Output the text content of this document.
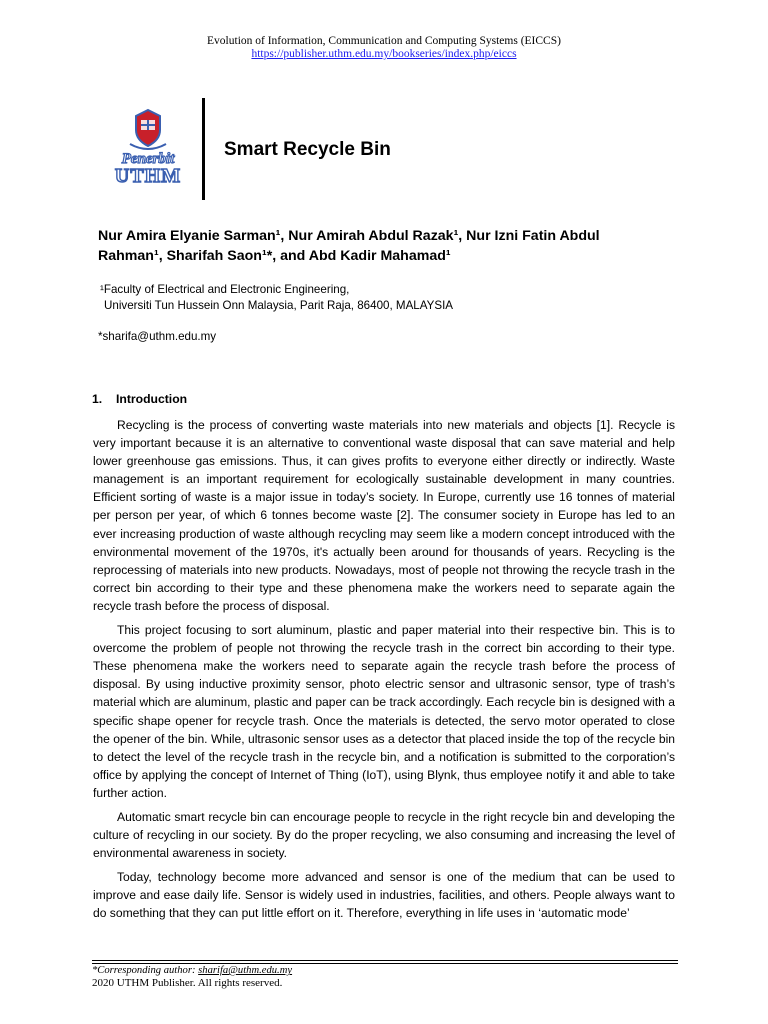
Evolution of Information, Communication and Computing Systems (EICCS)
https://publisher.uthm.edu.my/bookseries/index.php/eiccs
Penerbit
UTHM
Smart Recycle Bin
Nur Amira Elyanie Sarman¹, Nur Amirah Abdul Razak¹, Nur Izni Fatin Abdul
Rahman¹, Sharifah Saon¹*, and Abd Kadir Mahamad¹
¹Faculty of Electrical and Electronic Engineering,
Universiti Tun Hussein Onn Malaysia, Parit Raja, 86400, MALAYSIA
*sharifa@uthm.edu.my
1. Introduction

Recycling is the process of converting waste materials into new materials and objects [1]. Recycle is very important because it is an alternative to conventional waste disposal that can save material and help lower greenhouse gas emissions. Thus, it can gives profits to everyone either directly or indirectly. Waste management is an important requirement for ecologically sustainable development in many countries. Efficient sorting of waste is a major issue in today’s society. In Europe, currently use 16 tonnes of material per person per year, of which 6 tonnes become waste [2]. The consumer society in Europe has led to an ever increasing production of waste although recycling may seem like a modern concept introduced with the environmental movement of the 1970s, it's actually been around for thousands of years. Recycling is the reprocessing of materials into new products. Nowadays, most of people not throwing the recycle trash in the correct bin according to their type and these phenomena make the workers need to separate again the recycle trash before the process of disposal.

This project focusing to sort aluminum, plastic and paper material into their respective bin. This is to overcome the problem of people not throwing the recycle trash in the correct bin according to their type. These phenomena make the workers need to separate again the recycle trash before the process of disposal. By using inductive proximity sensor, photo electric sensor and ultrasonic sensor, type of trash’s material which are aluminum, plastic and paper can be track accordingly. Each recycle bin is designed with a specific shape opener for recycle trash. Once the materials is detected, the servo motor operated to close the opener of the bin. While, ultrasonic sensor uses as a detector that placed inside the top of the recycle bin to detect the level of the recycle trash in the recycle bin, and a notification is submitted to the corporation’s office by applying the concept of Internet of Thing (IoT), using Blynk, thus employee notify it and able to take further action.

Automatic smart recycle bin can encourage people to recycle in the right recycle bin and developing the culture of recycling in our society. By do the proper recycling, we also consuming and increasing the level of environmental awareness in society.

Today, technology become more advanced and sensor is one of the medium that can be used to improve and ease daily life. Sensor is widely used in industries, facilities, and others. People always want to do something that they can put little effort on it. Therefore, everything in life uses in ‘automatic mode’

*Corresponding author: sharifa@uthm.edu.my
2020 UTHM Publisher. All rights reserved.
